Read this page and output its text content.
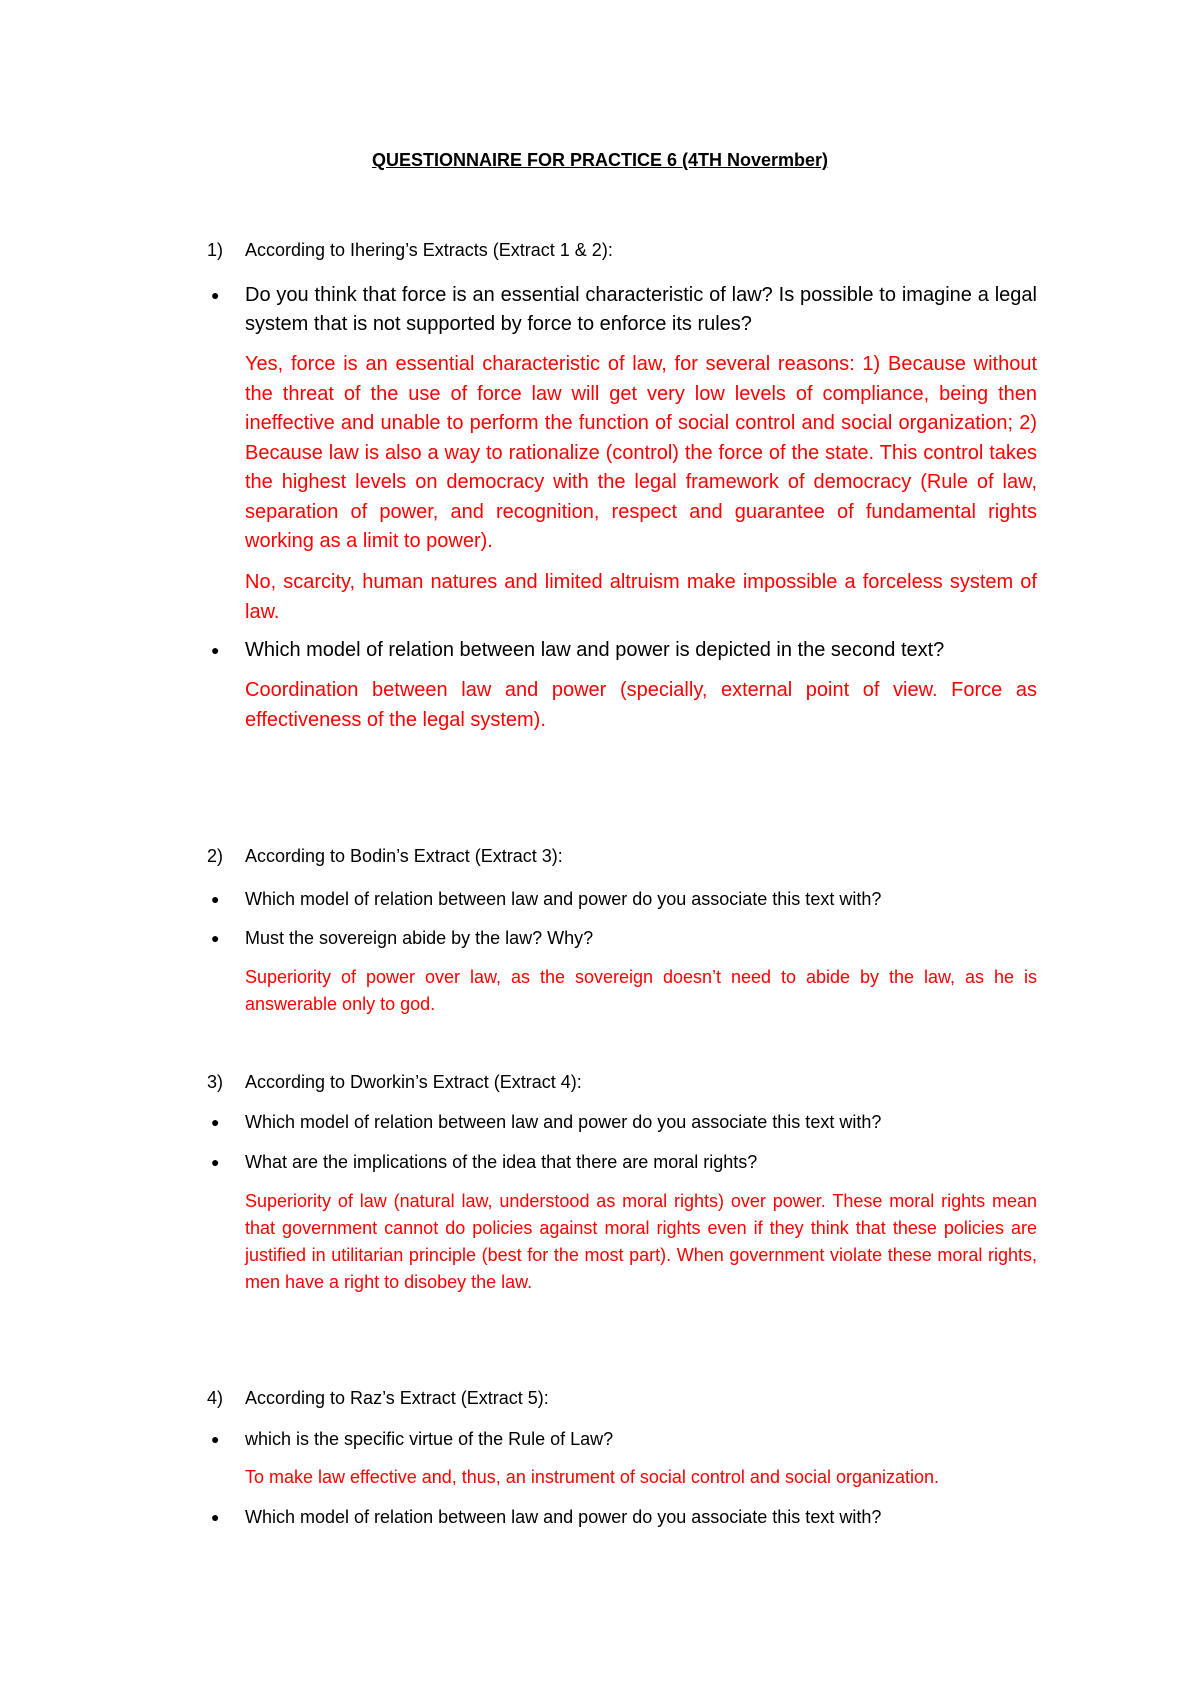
QUESTIONNAIRE FOR PRACTICE 6 (4TH Novermber)
1) According to Ihering’s Extracts (Extract 1 & 2):
● Do you think that force is an essential characteristic of law? Is possible to imagine a legal system that is not supported by force to enforce its rules?
Yes, force is an essential characteristic of law, for several reasons: 1) Because without the threat of the use of force law will get very low levels of compliance, being then ineffective and unable to perform the function of social control and social organization; 2) Because law is also a way to rationalize (control) the force of the state. This control takes the highest levels on democracy with the legal framework of democracy (Rule of law, separation of power, and recognition, respect and guarantee of fundamental rights working as a limit to power).
No, scarcity, human natures and limited altruism make impossible a forceless system of law.
● Which model of relation between law and power is depicted in the second text?
Coordination between law and power (specially, external point of view. Force as effectiveness of the legal system).
2) According to Bodin’s Extract (Extract 3):
● Which model of relation between law and power do you associate this text with?
● Must the sovereign abide by the law? Why?
Superiority of power over law, as the sovereign doesn’t need to abide by the law, as he is answerable only to god.
3) According to Dworkin’s Extract (Extract 4):
● Which model of relation between law and power do you associate this text with?
● What are the implications of the idea that there are moral rights?
Superiority of law (natural law, understood as moral rights) over power. These moral rights mean that government cannot do policies against moral rights even if they think that these policies are justified in utilitarian principle (best for the most part). When government violate these moral rights, men have a right to disobey the law.
4) According to Raz’s Extract (Extract 5):
● which is the specific virtue of the Rule of Law?
To make law effective and, thus, an instrument of social control and social organization.
● Which model of relation between law and power do you associate this text with?
